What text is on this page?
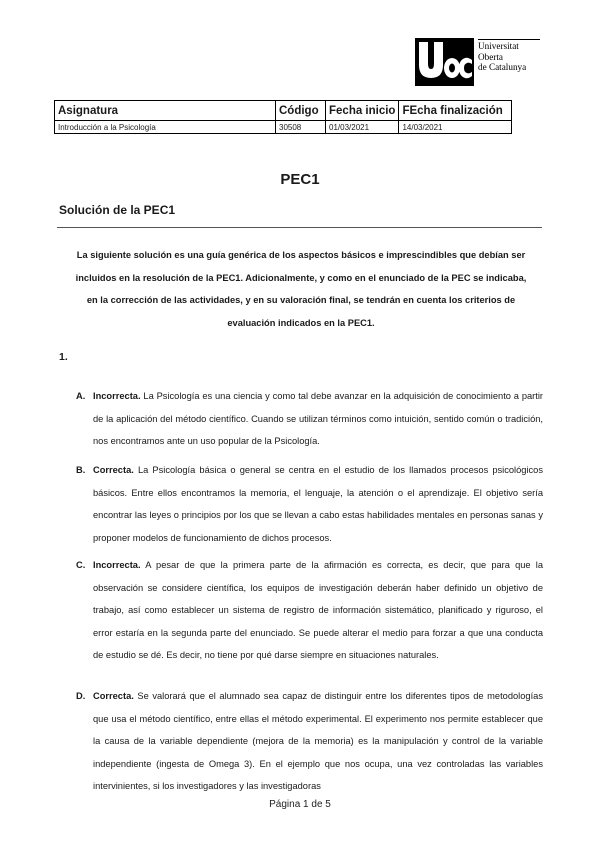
Universitat
Oberta
de Catalunya
Asignatura	Código	Fecha inicio	FEcha finalización
Introducción a la Psicología	30508	01/03/2021	14/03/2021
PEC1
Solución de la PEC1
La siguiente solución es una guía genérica de los aspectos básicos e imprescindibles que debían ser incluidos en la resolución de la PEC1. Adicionalmente, y como en el enunciado de la PEC se indicaba, en la corrección de las actividades, y en su valoración final, se tendrán en cuenta los criterios de evaluación indicados en la PEC1.
1.
A. Incorrecta. La Psicología es una ciencia y como tal debe avanzar en la adquisición de conocimiento a partir de la aplicación del método científico. Cuando se utilizan términos como intuición, sentido común o tradición, nos encontramos ante un uso popular de la Psicología.
B. Correcta. La Psicología básica o general se centra en el estudio de los llamados procesos psicológicos básicos. Entre ellos encontramos la memoria, el lenguaje, la atención o el aprendizaje. El objetivo sería encontrar las leyes o principios por los que se llevan a cabo estas habilidades mentales en personas sanas y proponer modelos de funcionamiento de dichos procesos.
C. Incorrecta. A pesar de que la primera parte de la afirmación es correcta, es decir, que para que la observación se considere científica, los equipos de investigación deberán haber definido un objetivo de trabajo, así como establecer un sistema de registro de información sistemático, planificado y riguroso, el error estaría en la segunda parte del enunciado. Se puede alterar el medio para forzar a que una conducta de estudio se dé. Es decir, no tiene por qué darse siempre en situaciones naturales.
D. Correcta. Se valorará que el alumnado sea capaz de distinguir entre los diferentes tipos de metodologías que usa el método científico, entre ellas el método experimental. El experimento nos permite establecer que la causa de la variable dependiente (mejora de la memoria) es la manipulación y control de la variable independiente (ingesta de Omega 3). En el ejemplo que nos ocupa, una vez controladas las variables intervinientes, si los investigadores y las investigadoras
Página 1 de 5
